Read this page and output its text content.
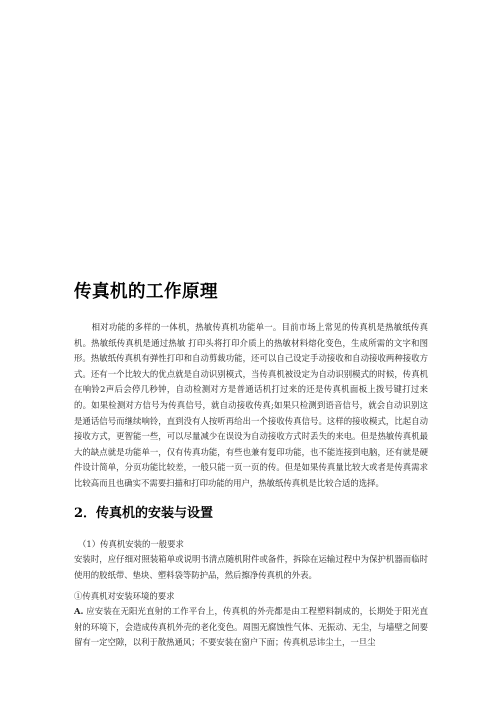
传真机的工作原理

相对功能的多样的一体机，热敏传真机功能单一。目前市场上常见的传真机是热敏纸传真机。热敏纸传真机是通过热敏 打印头将打印介质上的热敏材料熔化变色，生成所需的文字和图形。热敏纸传真机有弹性打印和自动剪裁功能，还可以自己设定手动接收和自动接收两种接收方式。还有一个比较大的优点就是自动识别模式，当传真机被设定为自动识别模式的时候，传真机在响铃2声后会停几秒钟，自动检测对方是普通话机打过来的还是传真机面板上拨号键打过来的。如果检测对方信号为传真信号，就自动接收传真;如果只检测到语音信号，就会自动识别这是通话信号而继续响铃，直到没有人按听再给出一个接收传真信号。这样的接收模式，比起自动接收方式，更智能一些，可以尽量减少在误设为自动接收方式时丢失的来电。但是热敏传真机最大的缺点就是功能单一，仅有传真功能，有些也兼有复印功能，也不能连接到电脑，还有就是硬件设计简单，分页功能比较差，一般只能一页一页的传。但是如果传真量比较大或者是传真需求比较高而且也确实不需要扫描和打印功能的用户，热敏纸传真机是比较合适的选择。

2．传真机的安装与设置

（1）传真机安装的一般要求

安装时，应仔细对照装箱单或说明书清点随机附件或备件，拆除在运输过程中为保护机器而临时使用的胶纸带、垫块、塑料袋等防护品，然后擦净传真机的外表。

①传真机对安装环境的要求

A. 应安装在无阳光直射的工作平台上，传真机的外壳都是由工程塑料制成的，长期处于阳光直射的环境下，会造成传真机外壳的老化变色。周围无腐蚀性气体、无振动、无尘，与墙壁之间要留有一定空隙，以利于散热通风；不要安装在窗户下面；传真机忌讳尘土，一旦尘
